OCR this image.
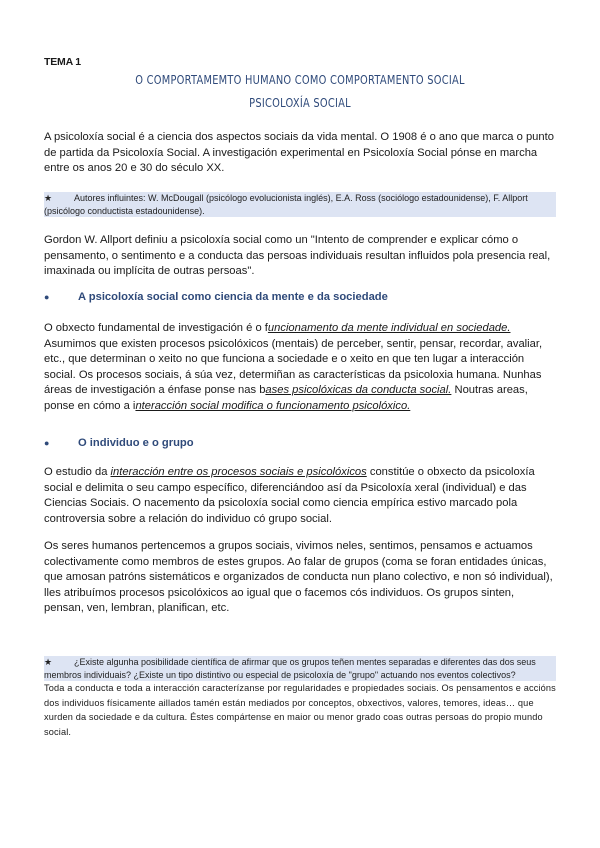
TEMA 1
O COMPORTAMEMTO HUMANO COMO COMPORTAMENTO SOCIAL
PSICOLOXÍA SOCIAL
A psicoloxía social é a ciencia dos aspectos sociais da vida mental. O 1908 é o ano que marca o punto de partida da Psicoloxía Social. A investigación experimental en Psicoloxía Social pónse en marcha entre os anos 20 e 30 do século XX.
★ Autores influintes: W. McDougall (psicólogo evolucionista inglés), E.A. Ross (sociólogo estadounidense), F. Allport (psicólogo conductista estadounidense).
Gordon W. Allport definiu a psicoloxía social como un "Intento de comprender e explicar cómo o pensamento, o sentimento e a conducta das persoas individuais resultan influidos pola presencia real, imaxinada ou implícita de outras persoas".
●	A psicoloxía social como ciencia da mente e da sociedade
O obxecto fundamental de investigación é o funcionamento da mente individual en sociedade. Asumimos que existen procesos psicolóxicos (mentais) de perceber, sentir, pensar, recordar, avaliar, etc., que determinan o xeito no que funciona a sociedade e o xeito en que ten lugar a interacción social. Os procesos sociais, á súa vez, determiñan as características da psicoloxia humana. Nunhas áreas de investigación a énfase ponse nas bases psicolóxicas da conducta social. Noutras areas, ponse en cómo a interacción social modifica o funcionamento psicolóxico.
●	O individuo e o grupo
O estudio da interacción entre os procesos sociais e psicolóxicos constitúe o obxecto da psicoloxía social e delimita o seu campo específico, diferenciándoo así da Psicoloxía xeral (individual) e das Ciencias Sociais. O nacemento da psicoloxía social como ciencia empírica estivo marcado pola controversia sobre a relación do individuo có grupo social.
Os seres humanos pertencemos a grupos sociais, vivimos neles, sentimos, pensamos e actuamos colectivamente como membros de estes grupos. Ao falar de grupos (coma se foran entidades únicas, que amosan patróns sistemáticos e organizados de conducta nun plano colectivo, e non só individual), lles atribuímos procesos psicolóxicos ao igual que o facemos cós individuos. Os grupos sinten, pensan, ven, lembran, planifican, etc.
★ ¿Existe algunha posibilidade científica de afirmar que os grupos teñen mentes separadas e diferentes das dos seus membros individuais? ¿Existe un tipo distintivo ou especial de psicoloxía de "grupo" actuando nos eventos colectivos?
Toda a conducta e toda a interacción caracterízanse por regularidades e propiedades sociais. Os pensamentos e accións dos individuos físicamente aillados tamén están mediados por conceptos, obxectivos, valores, temores, ideas… que xurden da sociedade e da cultura. Éstes compártense en maior ou menor grado coas outras persoas do propio mundo social.
